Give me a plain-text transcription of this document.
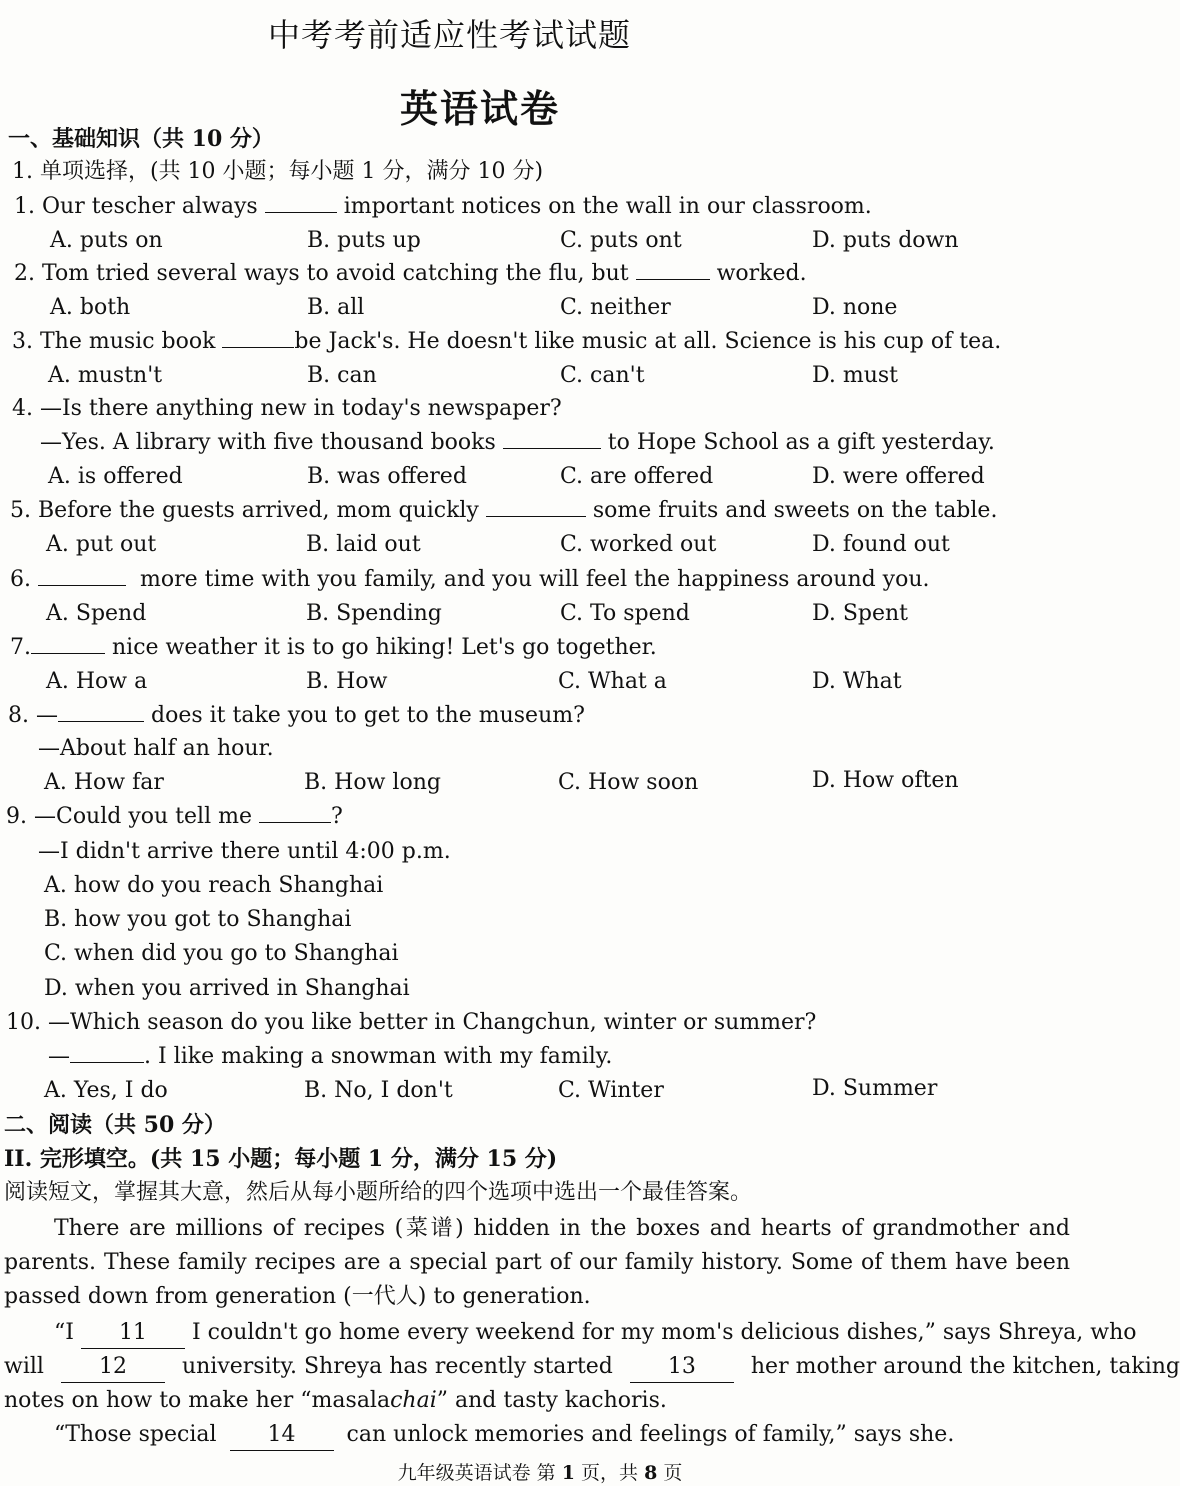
中考考前适应性考试试题
英语试卷
一、基础知识（共 10 分）
1. 单项选择，(共 10 小题；每小题 1 分，满分 10 分)
1. Our tescher always	important notices on the wall in our classroom.
A. puts on	B. puts up	C. puts ont	D. puts down
2. Tom tried several ways to avoid catching the flu, but	worked.
A. both	B. all	C. neither	D. none
3. The music book	be Jack's. He doesn't like music at all. Science is his cup of tea.
A. mustn't	B. can	C. can't	D. must
4. —Is there anything new in today's newspaper?
—Yes. A library with five thousand books	to Hope School as a gift yesterday.
A. is offered	B. was offered	C. are offered	D. were offered
5. Before the guests arrived, mom quickly	some fruits and sweets on the table.
A. put out	B. laid out	C. worked out	D. found out
6.	more time with you family, and you will feel the happiness around you.
A. Spend	B. Spending	C. To spend	D. Spent
7.	nice weather it is to go hiking! Let's go together.
A. How a	B. How	C. What a	D. What
8. —	does it take you to get to the museum?
—About half an hour.
A. How far	B. How long	C. How soon	D. How often
9. —Could you tell me	?
—I didn't arrive there until 4:00 p.m.
A. how do you reach Shanghai
B. how you got to Shanghai
C. when did you go to Shanghai
D. when you arrived in Shanghai
10. —Which season do you like better in Changchun, winter or summer?
—	. I like making a snowman with my family.
A. Yes, I do	B. No, I don't	C. Winter	D. Summer
二、阅读（共 50 分）
II. 完形填空。(共 15 小题；每小题 1 分，满分 15 分)
阅读短文，掌握其大意，然后从每小题所给的四个选项中选出一个最佳答案。
There are millions of recipes (菜谱) hidden in the boxes and hearts of grandmother and parents. These family recipes are a special part of our family history. Some of them have been passed down from generation (一代人) to generation.
“I 11 I couldn't go home every weekend for my mom's delicious dishes,” says Shreya, who
will	12	university. Shreya has recently started	13	her mother around the kitchen, taking
notes on how to make her “masalachai” and tasty kachoris.
“Those special 14 can unlock memories and feelings of family,” says she.
九年级英语试卷 第 1 页，共 8 页
